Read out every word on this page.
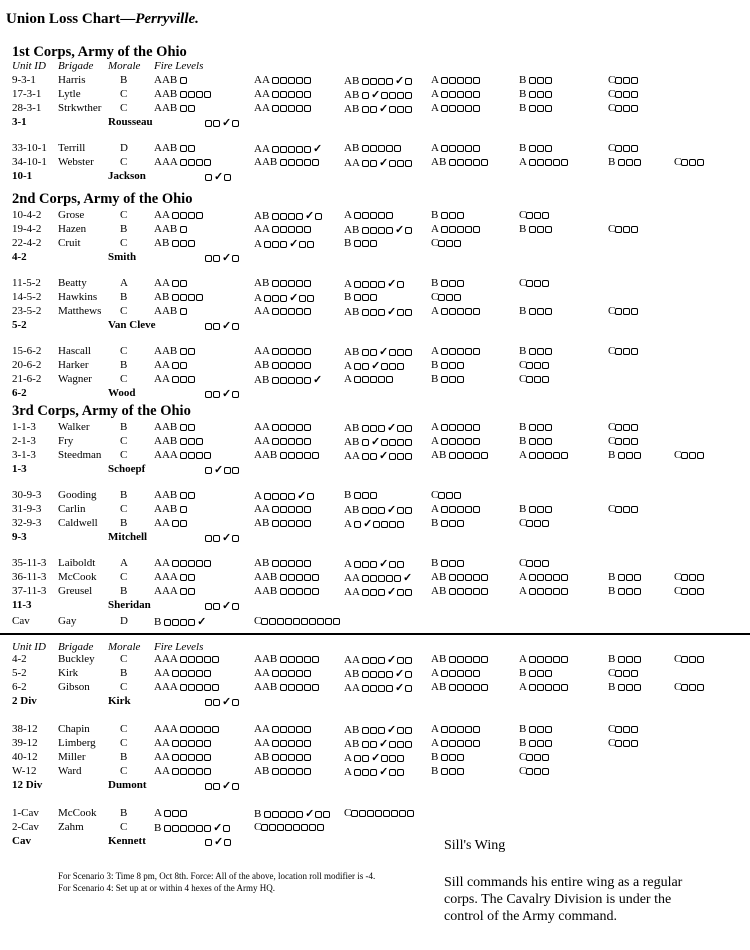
Union Loss Chart—Perryville.
1st Corps, Army of the Ohio
Unit ID Brigade Morale Fire Levels
9-3-1 Harris	B AAB	AA	AB	✓	A	B	C
17-3-1 Lytle	C AAB	AA	AB ✓	A	B	C
28-3-1 Strkwther C AAB	AA	AB ✓	A	B	C
3-1	Rousseau	✓
33-10-1 Terrill	D AAB	AA	✓ AB	A	B	C
34-10-1 Webster C AAA	AAB	AA ✓	AB	A	B	C
10-1	Jackson	✓
2nd Corps, Army of the Ohio
10-4-2 Grose	C AA	AB	✓	A	B	C
19-4-2 Hazen	B AAB	AA	AB	✓	A	B	C
22-4-2 Cruit	C AB	A ✓	B	C
4-2	Smith	✓
11-5-2 Beatty	A AA	AB	A	✓	B	C
14-5-2 Hawkins B AB	A ✓	B	C
23-5-2 Matthews C AAB	AA	AB ✓	A	B	C
5-2	Van Cleve	✓
15-6-2 Hascall	C AAB	AA	AB ✓	A	B	C
20-6-2 Harker	B AA	AB	A ✓	B	C
21-6-2 Wagner	C AA	AB	✓ A	B	C
6-2	Wood	✓
3rd Corps, Army of the Ohio
1-1-3 Walker	B AAB	AA	AB ✓	A	B	C
2-1-3 Fry	C AAB	AA	AB ✓	A	B	C
3-1-3 Steedman C AAA	AAB	AA ✓	AB	A	B	C
1-3	Schoepf	✓
30-9-3 Gooding B AAB	A	✓	B	C
31-9-3 Carlin	C AAB	AA	AB ✓	A	B	C
32-9-3 Caldwell B AA	AB	A ✓	B	C
9-3	Mitchell	✓
35-11-3 Laiboldt A AA	AB	A ✓	B	C
36-11-3 McCook C AAA	AAB	AA	✓ AB	A	B	C
37-11-3 Greusel	B AAA	AAB	AA ✓	AB	A	B	C
11-3	Sheridan	✓
Cav	Gay	D B	✓	C
Unit ID Brigade Morale Fire Levels
4-2	Buckley C AAA	AAB	AA ✓	AB	A	B	C
5-2	Kirk	B AA	AA	AB	✓	A	B	C
6-2	Gibson	C AAA	AAB	AA	✓	AB	A	B	C
2 Div	Kirk	✓
38-12 Chapin	C AAA	AA	AB ✓	A	B	C
39-12 Limberg C AA	AA	AB ✓	A	B	C
40-12 Miller	B AA	AB	A ✓	B	C
W-12 Ward	C AA	AB	A ✓	B	C
12 Div	Dumont	✓
1-Cav McCook B A	B	✓	C
2-Cav Zahm	C B	✓	C
Cav	Kennett	✓
For Scenario 3: Time 8 pm, Oct 8th. Force: All of the above, location roll modifier is -4.
For Scenario 4: Set up at or within 4 hexes of the Army HQ.
Sill's Wing
Sill commands his entire wing as a regular
corps. The Cavalry Division is under the
control of the Army command.
